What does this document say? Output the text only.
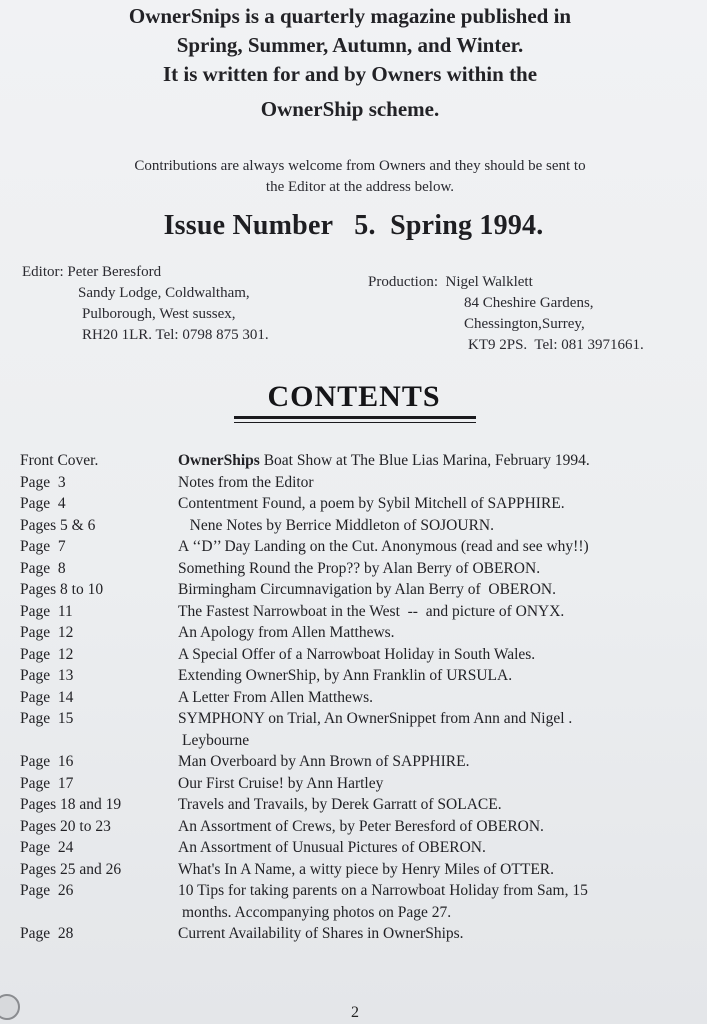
OwnerSnips is a quarterly magazine published in
Spring, Summer, Autumn, and Winter.
It is written for and by Owners within the
OwnerShip scheme.
Contributions are always welcome from Owners and they should be sent to
the Editor at the address below.
Issue Number   5.  Spring 1994.
Editor: Peter Beresford
Sandy Lodge, Coldwaltham,
Pulborough, West sussex,
RH20 1LR. Tel: 0798 875 301.
Production:  Nigel Walklett
84 Cheshire Gardens,
Chessington,Surrey,
KT9 2PS.  Tel: 081 3971661.
CONTENTS
Front Cover.	OwnerShips Boat Show at The Blue Lias Marina, February 1994.
Page  3	Notes from the Editor
Page  4	Contentment Found, a poem by Sybil Mitchell of SAPPHIRE.
Pages 5 & 6	Nene Notes by Berrice Middleton of SOJOURN.
Page  7	A ‘‘D’’ Day Landing on the Cut. Anonymous (read and see why!!)
Page  8	Something Round the Prop?? by Alan Berry of OBERON.
Pages 8 to 10	Birmingham Circumnavigation by Alan Berry of  OBERON.
Page  11	The Fastest Narrowboat in the West  --  and picture of ONYX.
Page  12	An Apology from Allen Matthews.
Page  12	A Special Offer of a Narrowboat Holiday in South Wales.
Page  13	Extending OwnerShip, by Ann Franklin of URSULA.
Page  14	A Letter From Allen Matthews.
Page  15	SYMPHONY on Trial, An OwnerSnippet from Ann and Nigel .
Leybourne
Page  16	Man Overboard by Ann Brown of SAPPHIRE.
Page  17	Our First Cruise! by Ann Hartley
Pages 18 and 19	Travels and Travails, by Derek Garratt of SOLACE.
Pages 20 to 23	An Assortment of Crews, by Peter Beresford of OBERON.
Page  24	An Assortment of Unusual Pictures of OBERON.
Pages 25 and 26	What's In A Name, a witty piece by Henry Miles of OTTER.
Page  26	10 Tips for taking parents on a Narrowboat Holiday from Sam, 15
months. Accompanying photos on Page 27.
Page  28	Current Availability of Shares in OwnerShips.
2
